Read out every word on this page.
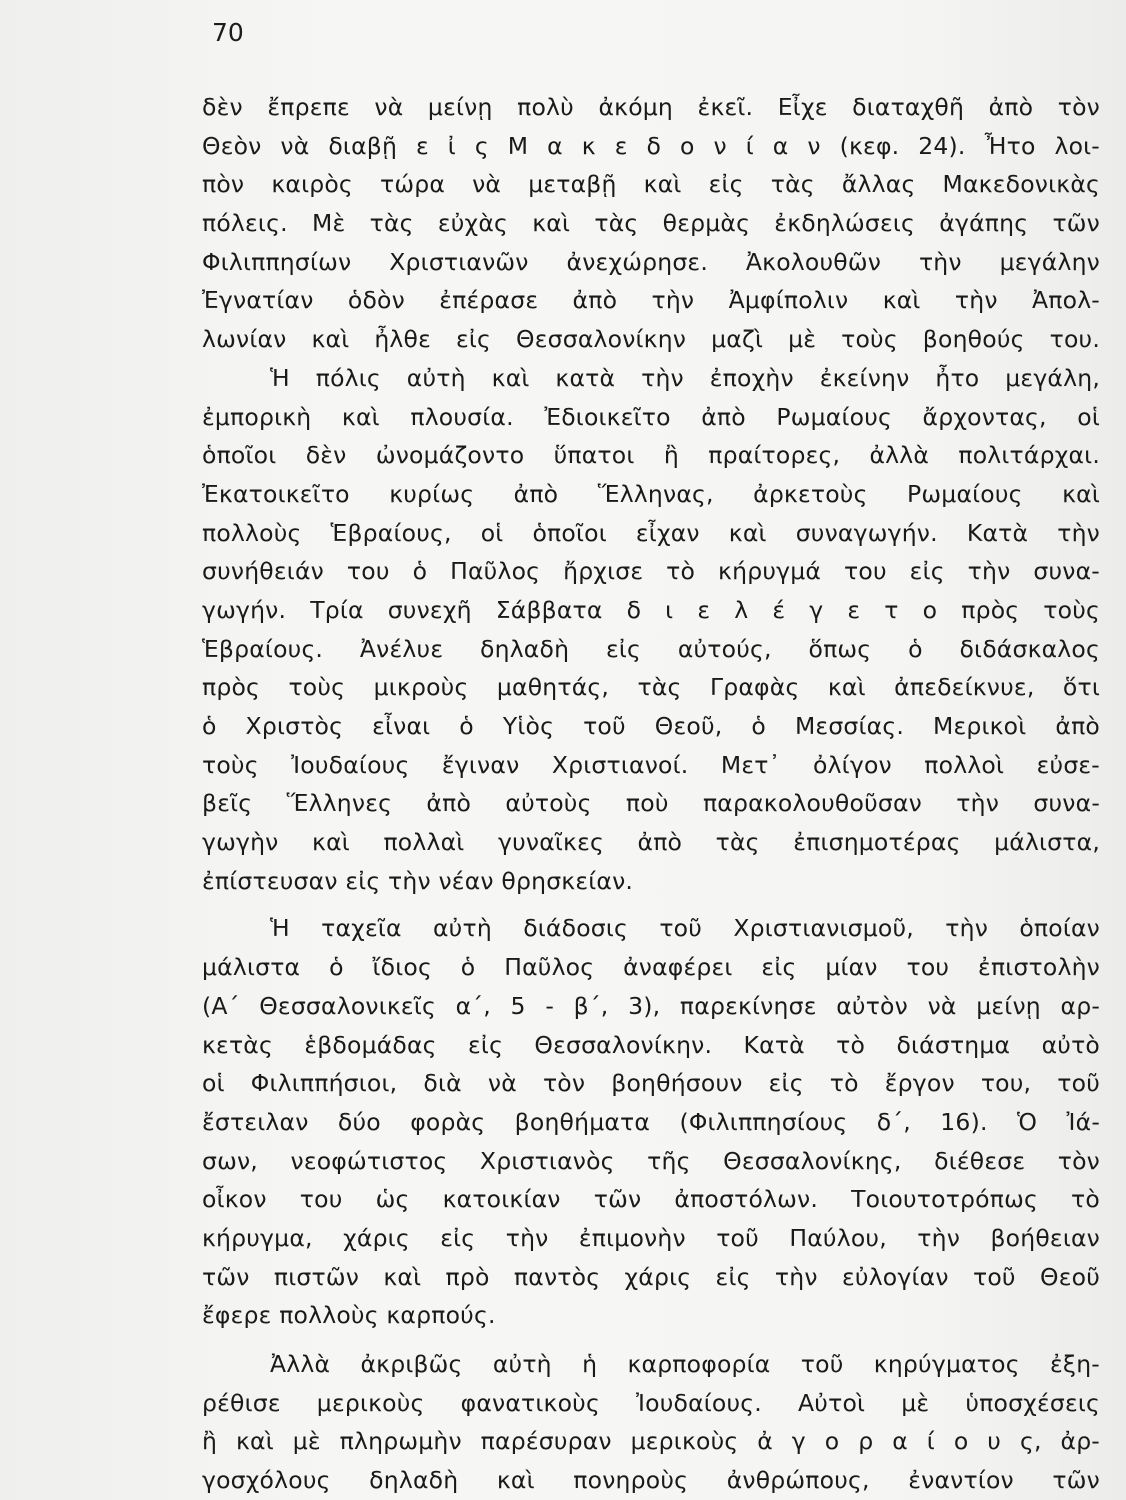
70
δὲν ἔπρεπε νὰ μείνῃ πολὺ ἀκόμη ἐκεῖ. Εἶχε διαταχθῆ ἀπὸ τὸν
Θεὸν νὰ διαβῇ ε ἰ ς Μ α κ ε δ ο ν ί α ν (κεφ. 24). Ἦτο λοι-
πὸν καιρὸς τώρα νὰ μεταβῇ καὶ εἰς τὰς ἄλλας Μακεδονικὰς
πόλεις. Μὲ τὰς εὐχὰς καὶ τὰς θερμὰς ἐκδηλώσεις ἀγάπης τῶν
Φιλιππησίων Χριστιανῶν ἀνεχώρησε. Ἀκολουθῶν τὴν μεγάλην
Ἐγνατίαν ὁδὸν ἐπέρασε ἀπὸ τὴν Ἀμφίπολιν καὶ τὴν Ἀπολ-
λωνίαν καὶ ἦλθε εἰς Θεσσαλονίκην μαζὶ μὲ τοὺς βοηθούς του.
Ἡ πόλις αὐτὴ καὶ κατὰ τὴν ἐποχὴν ἐκείνην ἦτο μεγάλη,
ἐμπορικὴ καὶ πλουσία. Ἐδιοικεῖτο ἀπὸ Ρωμαίους ἄρχοντας, οἱ
ὁποῖοι δὲν ὠνομάζοντο ὕπατοι ἢ πραίτορες, ἀλλὰ πολιτάρχαι.
Ἐκατοικεῖτο κυρίως ἀπὸ Ἕλληνας, ἀρκετοὺς Ρωμαίους καὶ
πολλοὺς Ἑβραίους, οἱ ὁποῖοι εἶχαν καὶ συναγωγήν. Κατὰ τὴν
συνήθειάν του ὁ Παῦλος ἤρχισε τὸ κήρυγμά του εἰς τὴν συνα-
γωγήν. Τρία συνεχῆ Σάββατα δ ι ε λ έ γ ε τ ο πρὸς τοὺς
Ἑβραίους. Ἀνέλυε δηλαδὴ εἰς αὐτούς, ὅπως ὁ διδάσκαλος
πρὸς τοὺς μικροὺς μαθητάς, τὰς Γραφὰς καὶ ἀπεδείκνυε, ὅτι
ὁ Χριστὸς εἶναι ὁ Υἱὸς τοῦ Θεοῦ, ὁ Μεσσίας. Μερικοὶ ἀπὸ
τοὺς Ἰουδαίους ἔγιναν Χριστιανοί. Μετ᾽ ὀλίγον πολλοὶ εὐσε-
βεῖς Ἕλληνες ἀπὸ αὐτοὺς ποὺ παρακολουθοῦσαν τὴν συνα-
γωγὴν καὶ πολλαὶ γυναῖκες ἀπὸ τὰς ἐπισημοτέρας μάλιστα,
ἐπίστευσαν εἰς τὴν νέαν θρησκείαν.
Ἡ ταχεῖα αὐτὴ διάδοσις τοῦ Χριστιανισμοῦ, τὴν ὁποίαν
μάλιστα ὁ ἴδιος ὁ Παῦλος ἀναφέρει εἰς μίαν του ἐπιστολὴν
(Α΄ Θεσσαλονικεῖς α΄, 5 - β΄, 3), παρεκίνησε αὐτὸν νὰ μείνῃ αρ-
κετὰς ἑβδομάδας εἰς Θεσσαλονίκην. Κατὰ τὸ διάστημα αὐτὸ
οἱ Φιλιππήσιοι, διὰ νὰ τὸν βοηθήσουν εἰς τὸ ἔργον του, τοῦ
ἔστειλαν δύο φορὰς βοηθήματα (Φιλιππησίους δ΄, 16). Ὁ Ἰά-
σων, νεοφώτιστος Χριστιανὸς τῆς Θεσσαλονίκης, διέθεσε τὸν
οἶκον του ὡς κατοικίαν τῶν ἀποστόλων. Τοιουτοτρόπως τὸ
κήρυγμα, χάρις εἰς τὴν ἐπιμονὴν τοῦ Παύλου, τὴν βοήθειαν
τῶν πιστῶν καὶ πρὸ παντὸς χάρις εἰς τὴν εὐλογίαν τοῦ Θεοῦ
ἔφερε πολλοὺς καρπούς.
Ἀλλὰ ἀκριβῶς αὐτὴ ἡ καρποφορία τοῦ κηρύγματος ἐξη-
ρέθισε μερικοὺς φανατικοὺς Ἰουδαίους. Αὐτοὶ μὲ ὑποσχέσεις
ἢ καὶ μὲ πληρωμὴν παρέσυραν μερικοὺς ἀ γ ο ρ α ί ο υ ς, ἀρ-
γοσχόλους δηλαδὴ καὶ πονηροὺς ἀνθρώπους, ἐναντίον τῶν
